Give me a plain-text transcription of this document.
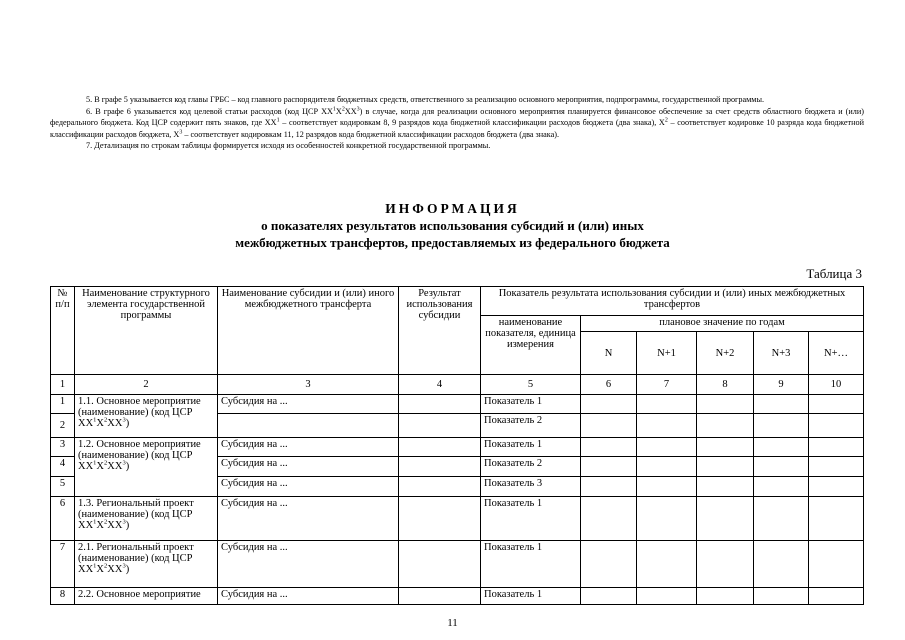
5. В графе 5 указывается код главы ГРБС – код главного распорядителя бюджетных средств, ответственного за реализацию основного мероприятия, подпрограммы, государственной программы.

6. В графе 6 указывается код целевой статьи расходов (код ЦСР $XX^1X^2XX^3$) в случае, когда для реализации основного мероприятия планируется финансовое обеспечение за счет средств областного бюджета и (или) федерального бюджета. Код ЦСР содержит пять знаков, где $XX^1$ – соответствует кодировкам 8, 9 разрядов кода бюджетной классификации расходов бюджета (два знака), $X^2$ – соответствует кодировке 10 разряда кода бюджетной классификации расходов бюджета, $X^3$ – соответствует кодировкам 11, 12 разрядов кода бюджетной классификации расходов бюджета (два знака).

7. Детализация по строкам таблицы формируется исходя из особенностей конкретной государственной программы.

ИНФОРМАЦИЯ
о показателях результатов использования субсидий и (или) иных
межбюджетных трансфертов, предоставляемых из федерального бюджета
Таблица 3
№ п/п	Наименование структурного элемента государственной программы	Наименование субсидии и (или) иного межбюджетного трансферта	Результат использования субсидии	Показатель результата использования субсидии и (или) иных межбюджетных трансфертов					
				наименование показателя, единица измерения	плановое значение по годам				
					N	N+1	N+2	N+3	N+…
1	2	3	4	5	6	7	8	9	10
1	1.1. Основное мероприятие (наименование) (код ЦСР $XX^1X^2XX^3$)	Субсидия на ...		Показатель 1					
2				Показатель 2					
3	1.2. Основное мероприятие (наименование) (код ЦСР $XX^1X^2XX^3$)	Субсидия на ...		Показатель 1					
4		Субсидия на ...		Показатель 2					
5		Субсидия на ...		Показатель 3					
6	1.3. Региональный проект (наименование) (код ЦСР $XX^1X^2XX^3$)	Субсидия на ...		Показатель 1					
7	2.1. Региональный проект (наименование) (код ЦСР $XX^1X^2XX^3$)	Субсидия на ...		Показатель 1					
8	2.2. Основное мероприятие	Субсидия на ...		Показатель 1					
11
